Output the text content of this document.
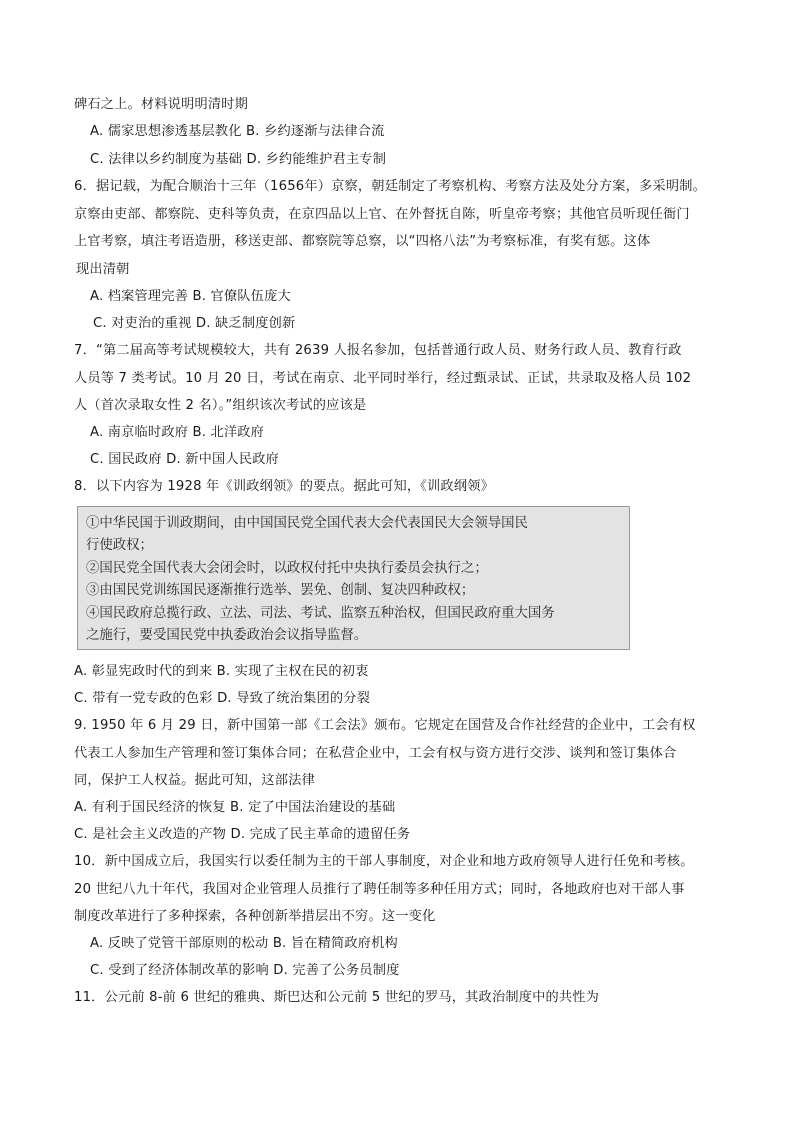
碑石之上。材料说明明清时期
A. 儒家思想渗透基层教化 B. 乡约逐渐与法律合流
C. 法律以乡约制度为基础 D. 乡约能维护君主专制
6．据记载，为配合顺治十三年（1656年）京察，朝廷制定了考察机构、考察方法及处分方案，多采明制。
京察由吏部、都察院、吏科等负责，在京四品以上官、在外督抚自陈，听皇帝考察；其他官员听现任衙门
上官考察，填注考语造册，移送吏部、都察院等总察，以“四格八法”为考察标准，有奖有惩。这体
现出清朝
A. 档案管理完善 B. 官僚队伍庞大
C. 对吏治的重视 D. 缺乏制度创新
7．“第二届高等考试规模较大，共有 2639 人报名参加，包括普通行政人员、财务行政人员、教育行政
人员等 7 类考试。10 月 20 日，考试在南京、北平同时举行，经过甄录试、正试，共录取及格人员 102
人（首次录取女性 2 名）。”组织该次考试的应该是
A. 南京临时政府 B. 北洋政府
C. 国民政府 D. 新中国人民政府
8．以下内容为 1928 年《训政纲领》的要点。据此可知，《训政纲领》
①中华民国于训政期间，由中国国民党全国代表大会代表国民大会领导国民
行使政权；
②国民党全国代表大会闭会时，以政权付托中央执行委员会执行之；
③由国民党训练国民逐渐推行选举、罢免、创制、复决四种政权；
④国民政府总揽行政、立法、司法、考试、监察五种治权，但国民政府重大国务
之施行，要受国民党中执委政治会议指导监督。
A. 彰显宪政时代的到来 B. 实现了主权在民的初衷
C. 带有一党专政的色彩 D. 导致了统治集团的分裂
9. 1950 年 6 月 29 日，新中国第一部《工会法》颁布。它规定在国营及合作社经营的企业中，工会有权
代表工人参加生产管理和签订集体合同；在私营企业中，工会有权与资方进行交涉、谈判和签订集体合
同，保护工人权益。据此可知，这部法律
A. 有利于国民经济的恢复 B. 定了中国法治建设的基础
C. 是社会主义改造的产物 D. 完成了民主革命的遗留任务
10．新中国成立后，我国实行以委任制为主的干部人事制度，对企业和地方政府领导人进行任免和考核。
20 世纪八九十年代，我国对企业管理人员推行了聘任制等多种任用方式；同时，各地政府也对干部人事
制度改革进行了多种探索，各种创新举措层出不穷。这一变化
A. 反映了党管干部原则的松动 B. 旨在精简政府机构
C. 受到了经济体制改革的影响 D. 完善了公务员制度
11．公元前 8-前 6 世纪的雅典、斯巴达和公元前 5 世纪的罗马，其政治制度中的共性为
